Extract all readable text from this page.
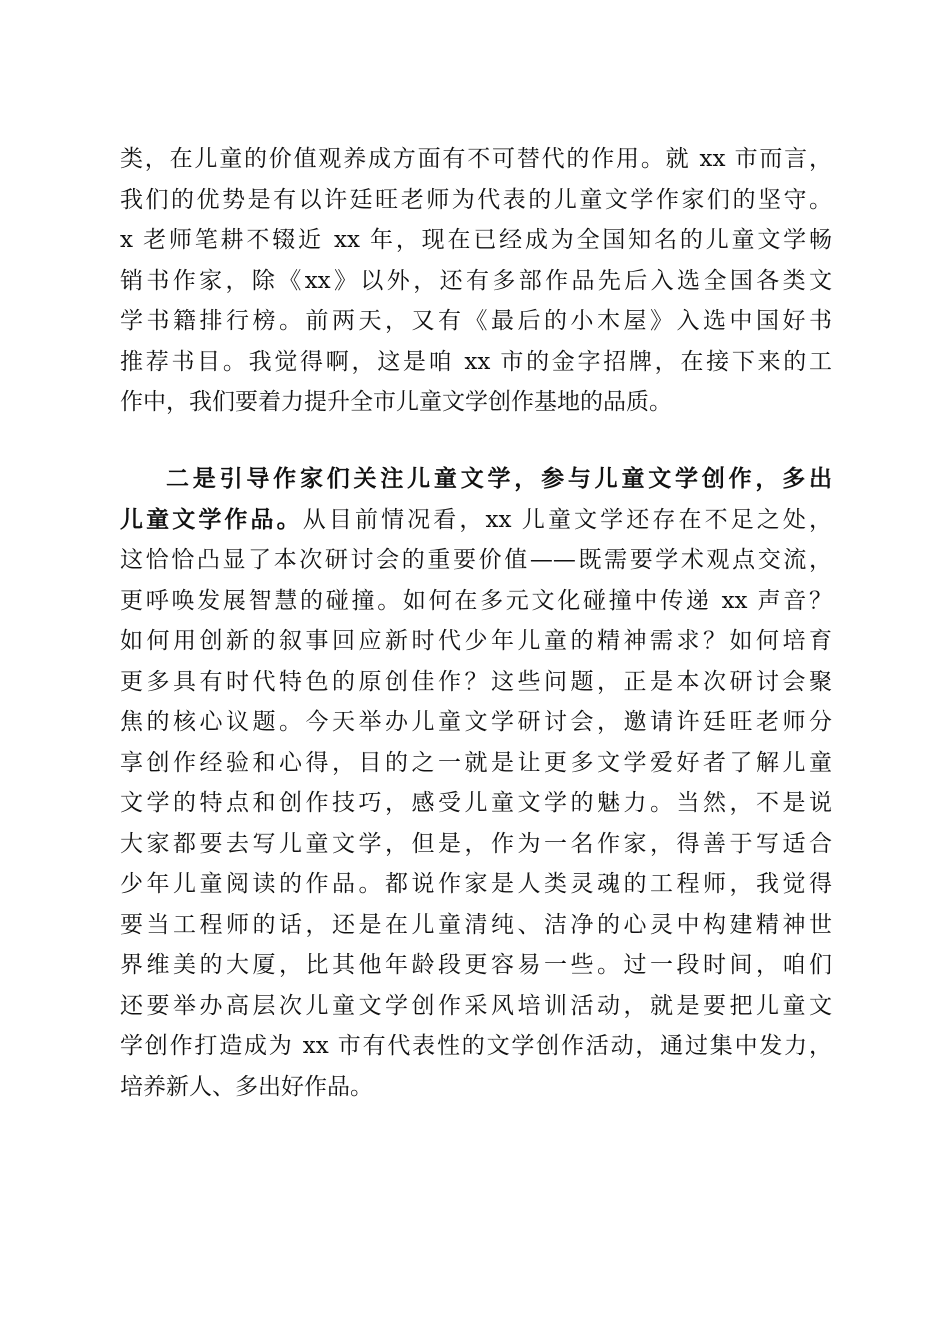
类，在儿童的价值观养成方面有不可替代的作用。就 xx 市而言，
我们的优势是有以许廷旺老师为代表的儿童文学作家们的坚守。
x 老师笔耕不辍近 xx 年，现在已经成为全国知名的儿童文学畅
销书作家，除《xx》以外，还有多部作品先后入选全国各类文
学书籍排行榜。前两天，又有《最后的小木屋》入选中国好书
推荐书目。我觉得啊，这是咱 xx 市的金字招牌，在接下来的工
作中，我们要着力提升全市儿童文学创作基地的品质。
二是引导作家们关注儿童文学，参与儿童文学创作，多出
儿童文学作品。从目前情况看，xx 儿童文学还存在不足之处，
这恰恰凸显了本次研讨会的重要价值——既需要学术观点交流，
更呼唤发展智慧的碰撞。如何在多元文化碰撞中传递 xx 声音？
如何用创新的叙事回应新时代少年儿童的精神需求？如何培育
更多具有时代特色的原创佳作？这些问题，正是本次研讨会聚
焦的核心议题。今天举办儿童文学研讨会，邀请许廷旺老师分
享创作经验和心得，目的之一就是让更多文学爱好者了解儿童
文学的特点和创作技巧，感受儿童文学的魅力。当然，不是说
大家都要去写儿童文学，但是，作为一名作家，得善于写适合
少年儿童阅读的作品。都说作家是人类灵魂的工程师，我觉得
要当工程师的话，还是在儿童清纯、洁净的心灵中构建精神世
界维美的大厦，比其他年龄段更容易一些。过一段时间，咱们
还要举办高层次儿童文学创作采风培训活动，就是要把儿童文
学创作打造成为 xx 市有代表性的文学创作活动，通过集中发力，
培养新人、多出好作品。
